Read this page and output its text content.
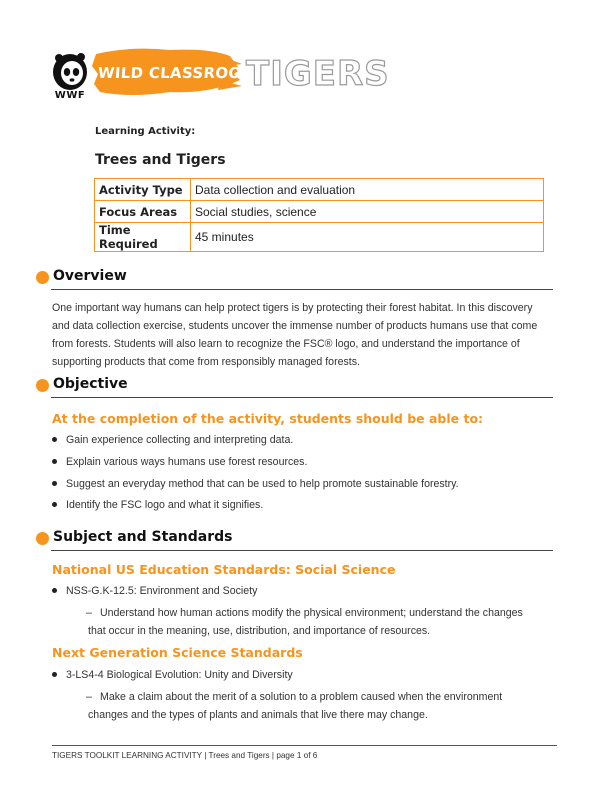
WWF
WILD CLASSROOM
TIGERS
Learning Activity:
Trees and Tigers
Activity Type	Data collection and evaluation
Focus Areas	Social studies, science
Time Required	45 minutes
Overview
One important way humans can help protect tigers is by protecting their forest habitat. In this discovery
and data collection exercise, students uncover the immense number of products humans use that come
from forests. Students will also learn to recognize the FSC® logo, and understand the importance of
supporting products that come from responsibly managed forests.
Objective
At the completion of the activity, students should be able to:
Gain experience collecting and interpreting data.
Explain various ways humans use forest resources.
Suggest an everyday method that can be used to help promote sustainable forestry.
Identify the FSC logo and what it signifies.
Subject and Standards
National US Education Standards: Social Science
NSS-G.K-12.5: Environment and Society
– Understand how human actions modify the physical environment; understand the changes
that occur in the meaning, use, distribution, and importance of resources.
Next Generation Science Standards
3-LS4-4 Biological Evolution: Unity and Diversity
– Make a claim about the merit of a solution to a problem caused when the environment
changes and the types of plants and animals that live there may change.
TIGERS TOOLKIT LEARNING ACTIVITY | Trees and Tigers | page 1 of 6
